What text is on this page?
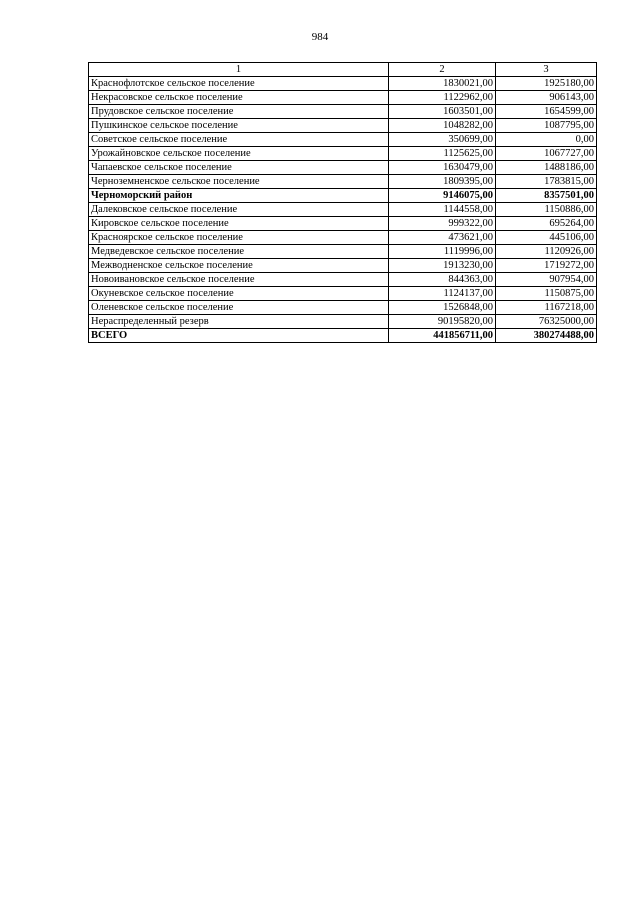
984
1	2	3
Краснофлотское сельское поселение	1830021,00	1925180,00
Некрасовское сельское поселение	1122962,00	906143,00
Прудовское сельское поселение	1603501,00	1654599,00
Пушкинское сельское поселение	1048282,00	1087795,00
Советское сельское поселение	350699,00	0,00
Урожайновское сельское поселение	1125625,00	1067727,00
Чапаевское сельское поселение	1630479,00	1488186,00
Черноземненское сельское поселение	1809395,00	1783815,00
Черноморский район	9146075,00	8357501,00
Далековское сельское поселение	1144558,00	1150886,00
Кировское сельское поселение	999322,00	695264,00
Красноярское сельское поселение	473621,00	445106,00
Медведевское сельское поселение	1119996,00	1120926,00
Межводненское сельское поселение	1913230,00	1719272,00
Новоивановское сельское поселение	844363,00	907954,00
Окуневское сельское поселение	1124137,00	1150875,00
Оленевское сельское поселение	1526848,00	1167218,00
Нераспределенный резерв	90195820,00	76325000,00
ВСЕГО	441856711,00	380274488,00
